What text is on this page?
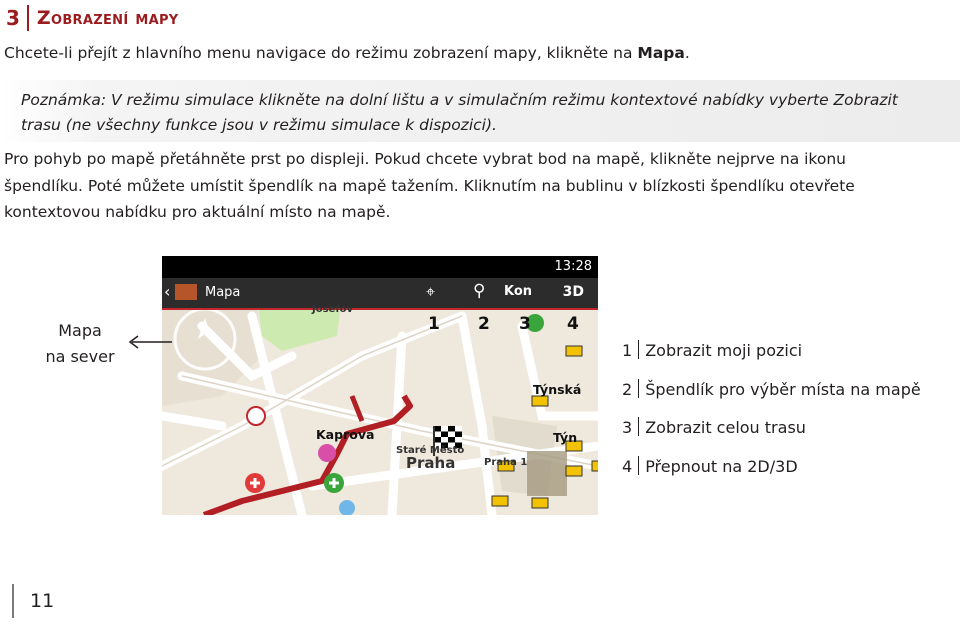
3 Zobrazení mapy
Chcete-li přejít z hlavního menu navigace do režimu zobrazení mapy, klikněte na Mapa.

Poznámka: V režimu simulace klikněte na dolní lištu a v simulačním režimu kontextové nabídky vyberte Zobrazit
trasu (ne všechny funkce jsou v režimu simulace k dispozici).

Pro pohyb po mapě přetáhněte prst po displeji. Pokud chcete vybrat bod na mapě, klikněte nejprve na ikonu
špendlíku. Poté můžete umístit špendlík na mapě tažením. Kliknutím na bublinu v blízkosti špendlíku otevřete
kontextovou nabídku pro aktuální místo na mapě.
13:28
‹	Mapa	⌖ ⚲ Kon 3D
Josefov
1 2 3 4
Týnská
Kaprova
Staré Město
Praha	Praha 1
Týn
Mapa
na sever	1 Zobrazit moji pozici
2 Špendlík pro výběr místa na mapě
3 Zobrazit celou trasu
4 Přepnout na 2D/3D
11
